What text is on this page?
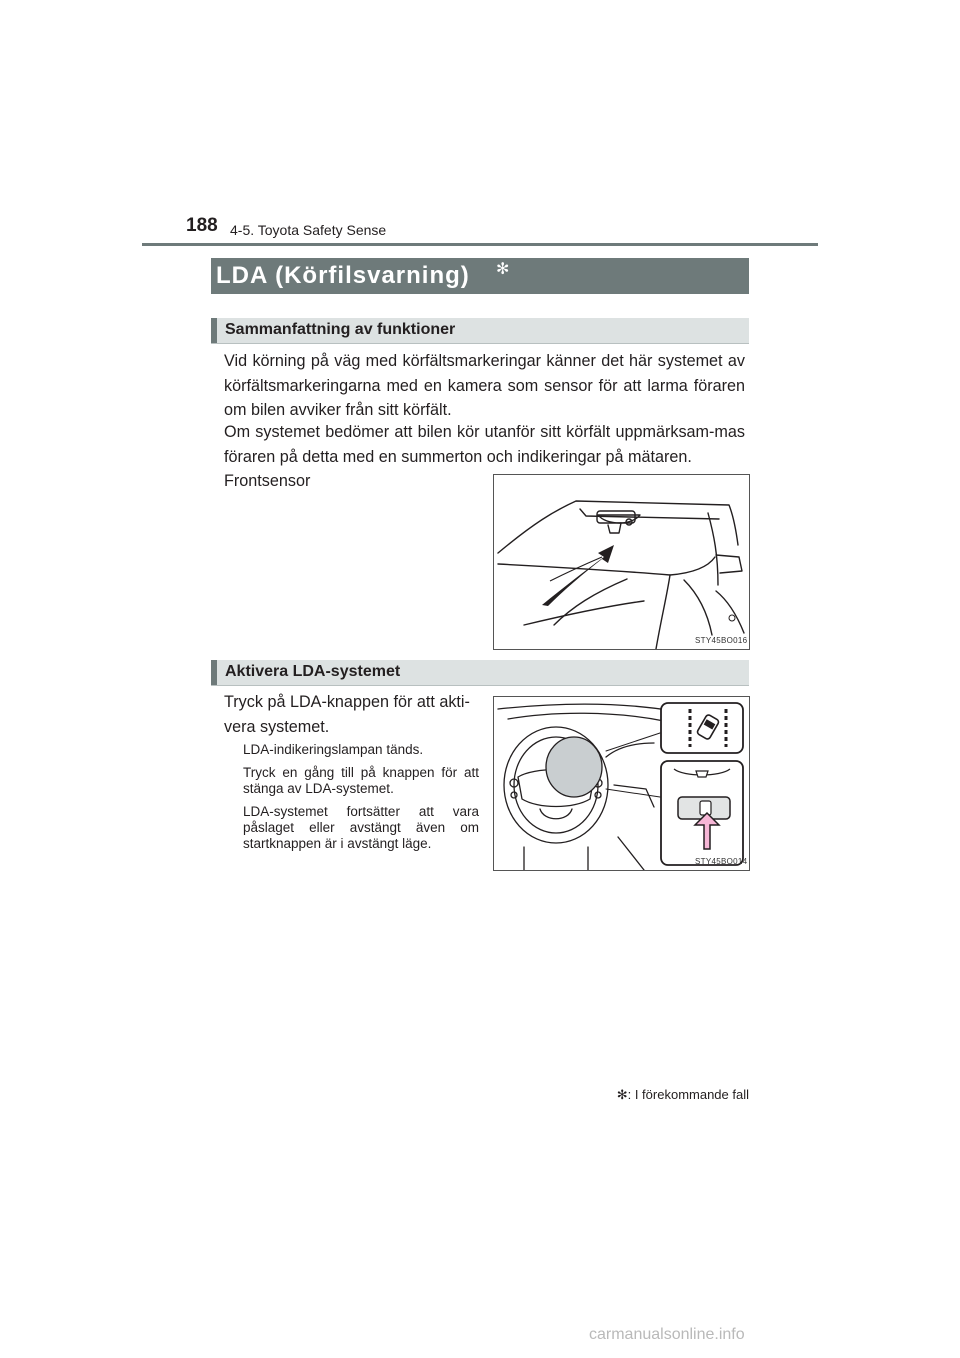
188 4-5. Toyota Safety Sense
LDA (Körfilsvarning) ✻
Sammanfattning av funktioner
Vid körning på väg med körfältsmarkeringar känner det här systemet av körfältsmarkeringarna med en kamera som sensor för att larma föraren om bilen avviker från sitt körfält.
Om systemet bedömer att bilen kör utanför sitt körfält uppmärksam-mas föraren på detta med en summerton och indikeringar på mätaren.
Frontsensor
STY45BO016
Aktivera LDA-systemet
Tryck på LDA-knappen för att akti-vera systemet.
LDA-indikeringslampan tänds.
Tryck en gång till på knappen för att stänga av LDA-systemet.
LDA-systemet fortsätter att vara påslaget eller avstängt även om startknappen är i avstängt läge.
STY45BO014
✻: I förekommande fall
carmanualsonline.info
